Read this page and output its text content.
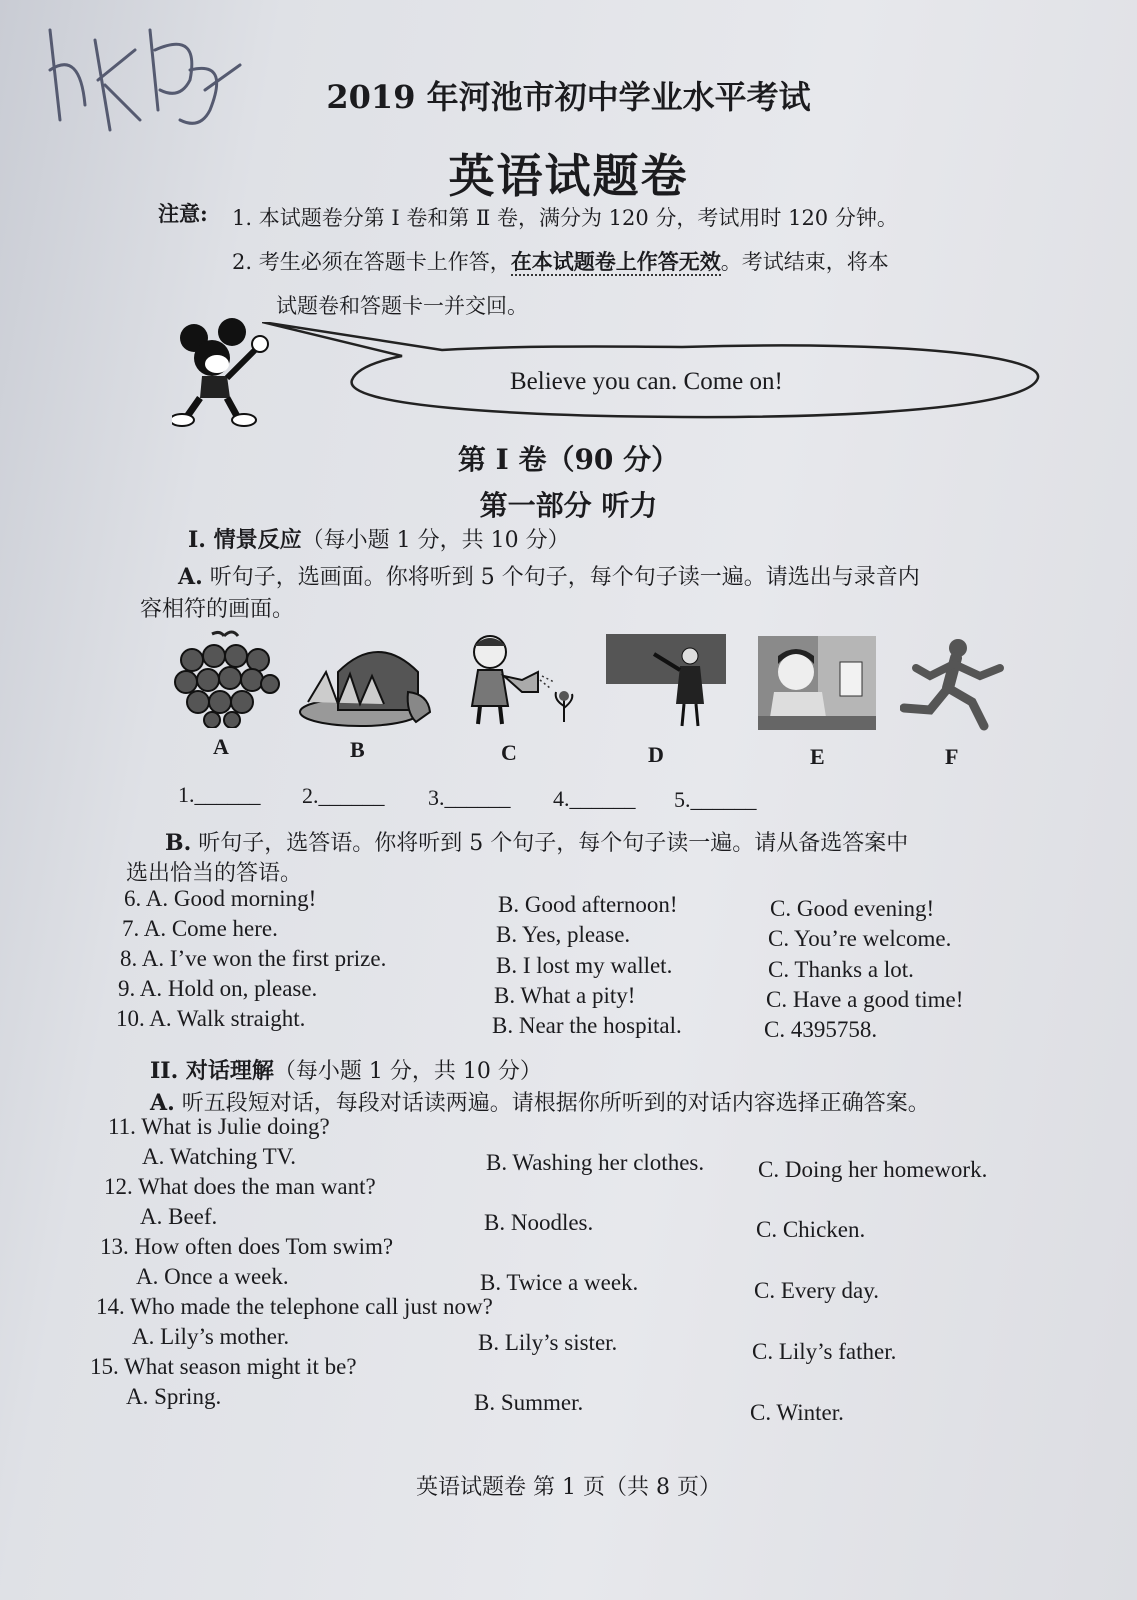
2019 年河池市初中学业水平考试
英语试题卷
注意: 1. 本试题卷分第 Ⅰ 卷和第 Ⅱ 卷，满分为 120 分，考试用时 120 分钟。
2. 考生必须在答题卡上作答，在本试题卷上作答无效。考试结束，将本
试题卷和答题卡一并交回。
Believe you can. Come on!
第 Ⅰ 卷（90 分）
第一部分 听力
I. 情景反应（每小题 1 分，共 10 分）
A. 听句子，选画面。你将听到 5 个句子，每个句子读一遍。请选出与录音内
容相符的画面。
A	B	C	D	E	F
1.______ 2.______ 3.______ 4.______ 5.______
B. 听句子，选答语。你将听到 5 个句子，每个句子读一遍。请从备选答案中
选出恰当的答语。
6. A. Good morning!	B. Good afternoon!	C. Good evening!
7. A. Come here.	B. Yes, please.	C. You’re welcome.
8. A. I’ve won the first prize.	B. I lost my wallet.	C. Thanks a lot.
9. A. Hold on, please.	B. What a pity!	C. Have a good time!
10. A. Walk straight.	B. Near the hospital.	C. 4395758.
II. 对话理解（每小题 1 分，共 10 分）
A. 听五段短对话，每段对话读两遍。请根据你所听到的对话内容选择正确答案。
11. What is Julie doing?
A. Watching TV.	B. Washing her clothes. C. Doing her homework.
12. What does the man want?
A. Beef.	B. Noodles.	C. Chicken.
13. How often does Tom swim?
A. Once a week.	B. Twice a week.	C. Every day.
14. Who made the telephone call just now?
A. Lily’s mother.	B. Lily’s sister.	C. Lily’s father.
15. What season might it be?
A. Spring.	B. Summer.	C. Winter.
英语试题卷 第 1 页（共 8 页）
